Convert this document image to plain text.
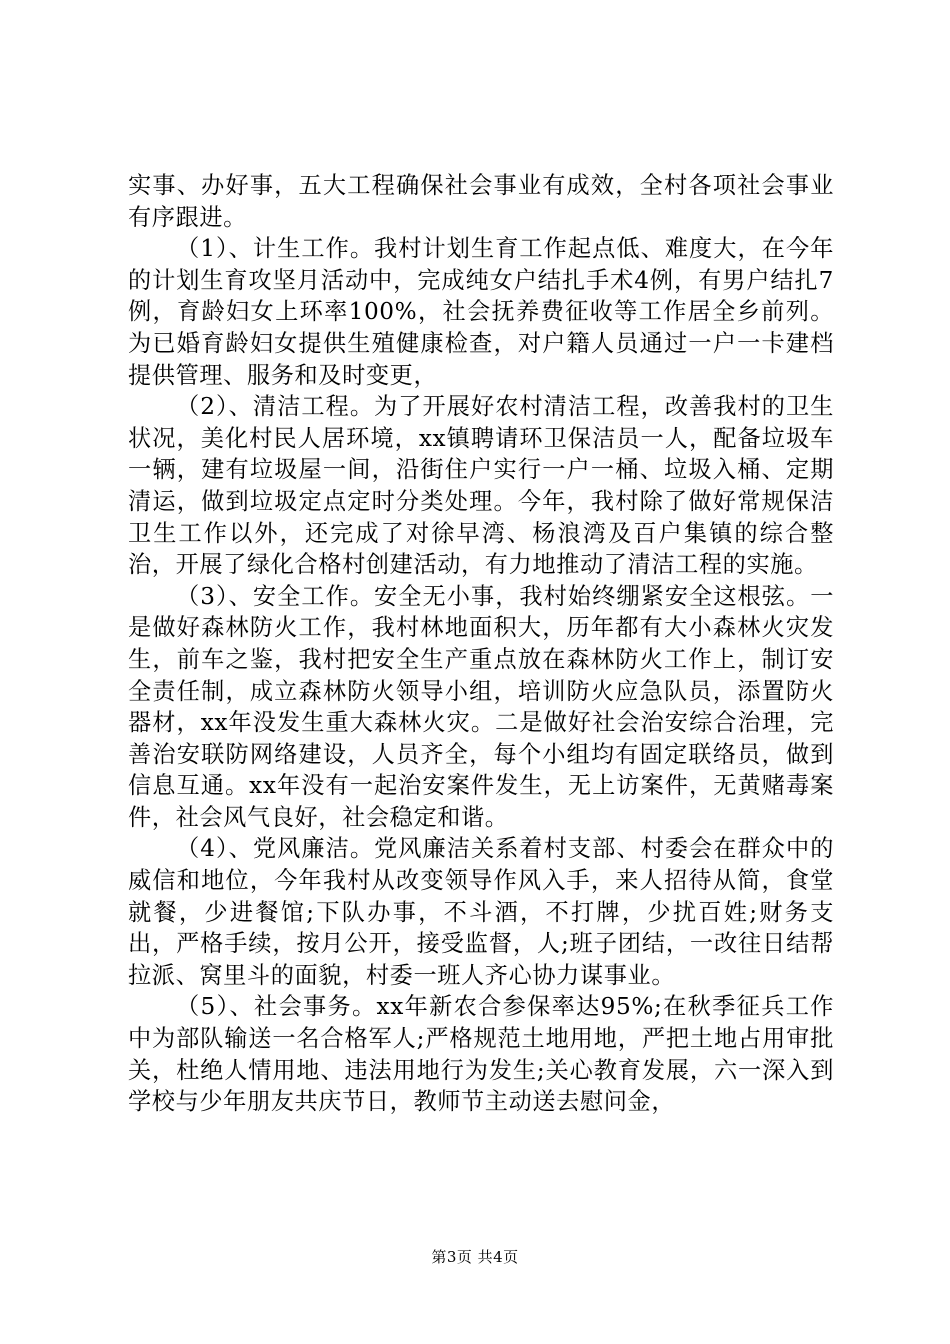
实事、办好事，五大工程确保社会事业有成效，全村各项社会事业有序跟进。

（1）、计生工作。我村计划生育工作起点低、难度大，在今年的计划生育攻坚月活动中，完成纯女户结扎手术4例，有男户结扎7例，育龄妇女上环率100%，社会抚养费征收等工作居全乡前列。为已婚育龄妇女提供生殖健康检查，对户籍人员通过一户一卡建档提供管理、服务和及时变更，

（2）、清洁工程。为了开展好农村清洁工程，改善我村的卫生状况，美化村民人居环境，xx镇聘请环卫保洁员一人，配备垃圾车一辆，建有垃圾屋一间，沿街住户实行一户一桶、垃圾入桶、定期清运，做到垃圾定点定时分类处理。今年，我村除了做好常规保洁卫生工作以外，还完成了对徐早湾、杨浪湾及百户集镇的综合整治，开展了绿化合格村创建活动，有力地推动了清洁工程的实施。

（3）、安全工作。安全无小事，我村始终绷紧安全这根弦。一是做好森林防火工作，我村林地面积大，历年都有大小森林火灾发生，前车之鉴，我村把安全生产重点放在森林防火工作上，制订安全责任制，成立森林防火领导小组，培训防火应急队员，添置防火器材，xx年没发生重大森林火灾。二是做好社会治安综合治理，完善治安联防网络建设，人员齐全，每个小组均有固定联络员，做到信息互通。xx年没有一起治安案件发生，无上访案件，无黄赌毒案件，社会风气良好，社会稳定和谐。

（4）、党风廉洁。党风廉洁关系着村支部、村委会在群众中的威信和地位，今年我村从改变领导作风入手，来人招待从简，食堂就餐，少进餐馆;下队办事，不斗酒，不打牌，少扰百姓;财务支出，严格手续，按月公开，接受监督，人;班子团结，一改往日结帮拉派、窝里斗的面貌，村委一班人齐心协力谋事业。

（5）、社会事务。xx年新农合参保率达95%;在秋季征兵工作中为部队输送一名合格军人;严格规范土地用地，严把土地占用审批关，杜绝人情用地、违法用地行为发生;关心教育发展，六一深入到学校与少年朋友共庆节日，教师节主动送去慰问金，

第3页 共4页
